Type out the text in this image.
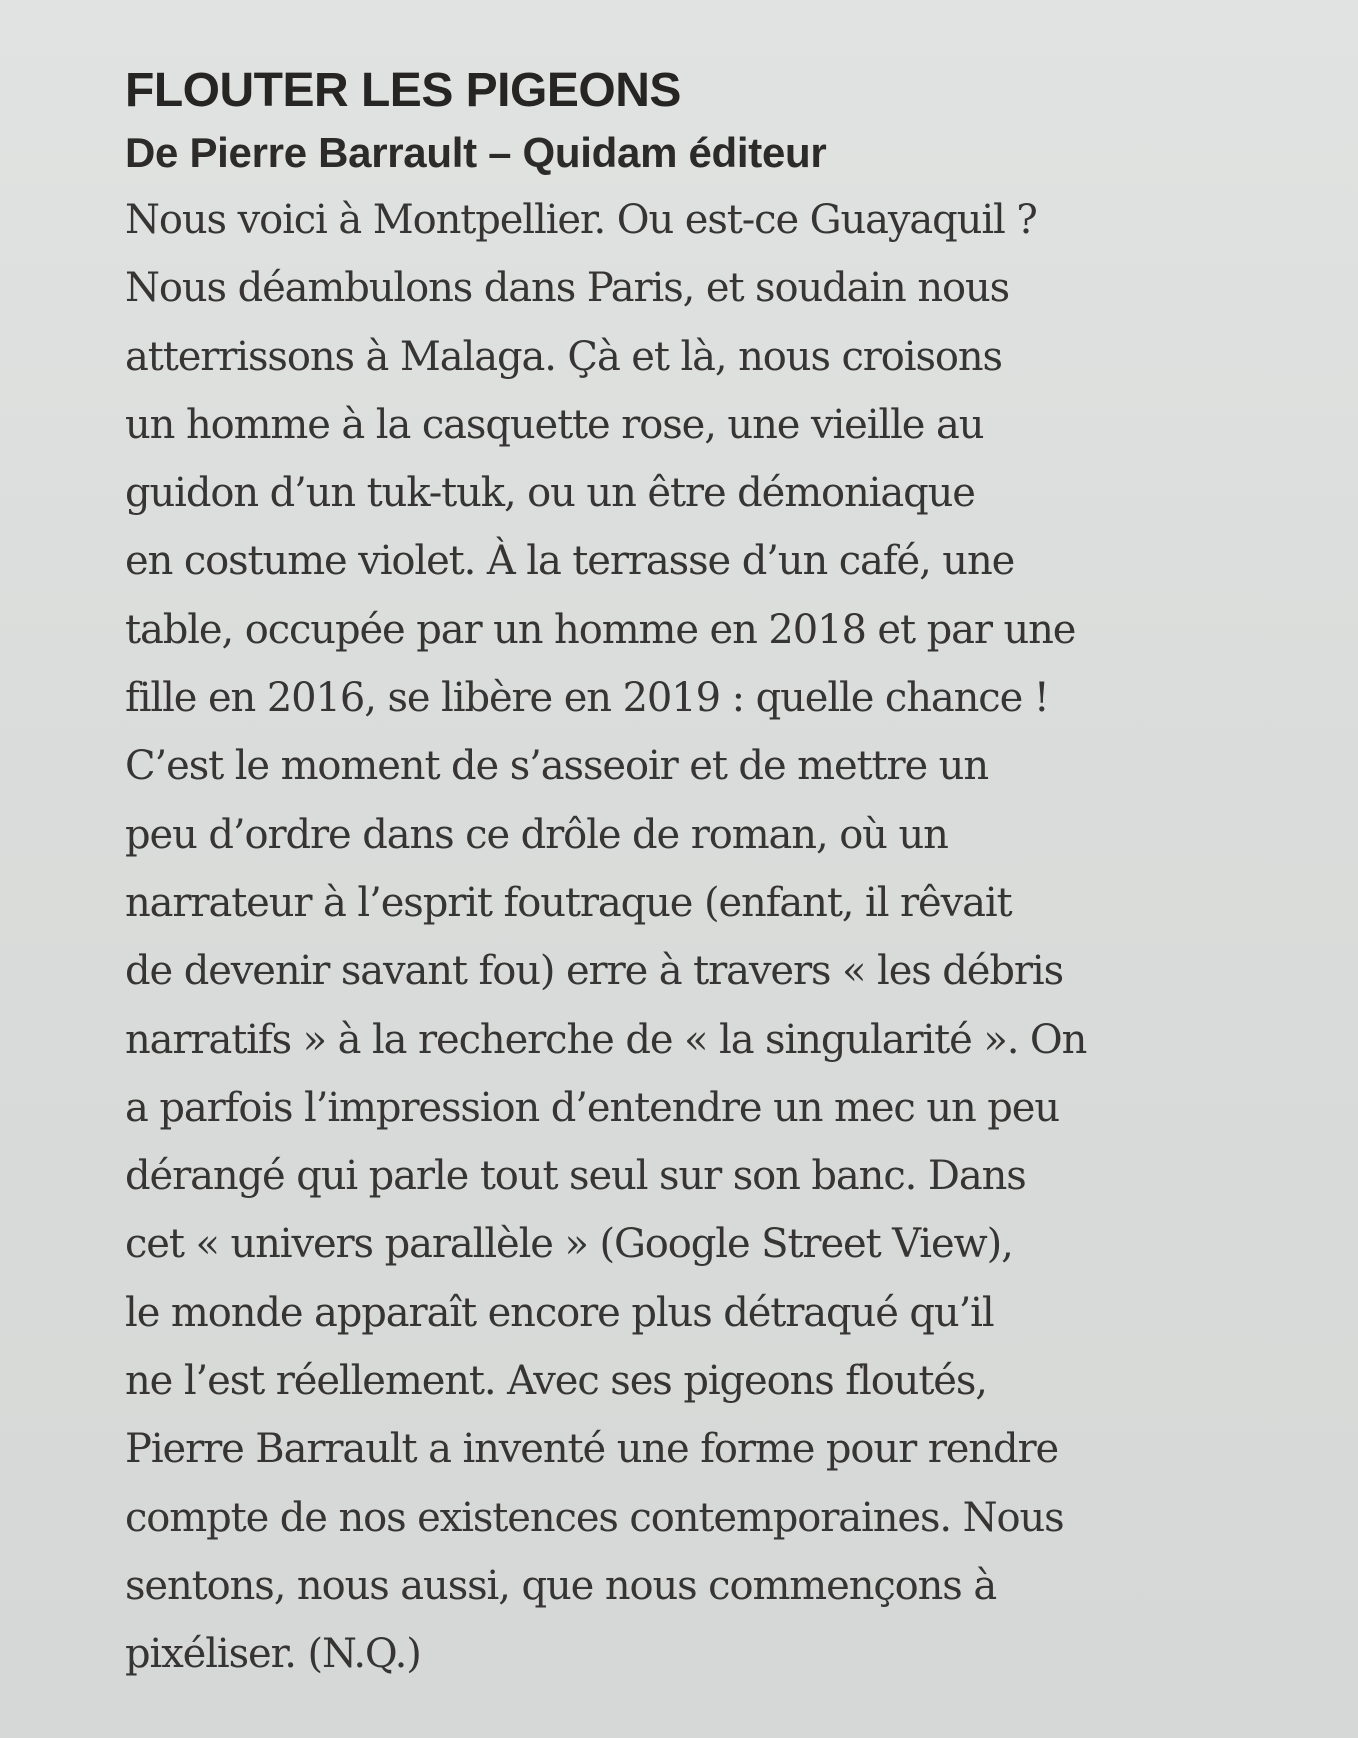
FLOUTER LES PIGEONS
De Pierre Barrault – Quidam éditeur
Nous voici à Montpellier. Ou est-ce Guayaquil ?
Nous déambulons dans Paris, et soudain nous
atterrissons à Malaga. Çà et là, nous croisons
un homme à la casquette rose, une vieille au
guidon d’un tuk-tuk, ou un être démoniaque
en costume violet. À la terrasse d’un café, une
table, occupée par un homme en 2018 et par une
fille en 2016, se libère en 2019 : quelle chance !
C’est le moment de s’asseoir et de mettre un
peu d’ordre dans ce drôle de roman, où un
narrateur à l’esprit foutraque (enfant, il rêvait
de devenir savant fou) erre à travers « les débris
narratifs » à la recherche de « la singularité ». On
a parfois l’impression d’entendre un mec un peu
dérangé qui parle tout seul sur son banc. Dans
cet « univers parallèle » (Google Street View),
le monde apparaît encore plus détraqué qu’il
ne l’est réellement. Avec ses pigeons floutés,
Pierre Barrault a inventé une forme pour rendre
compte de nos existences contemporaines. Nous
sentons, nous aussi, que nous commençons à
pixéliser. (N.Q.)
